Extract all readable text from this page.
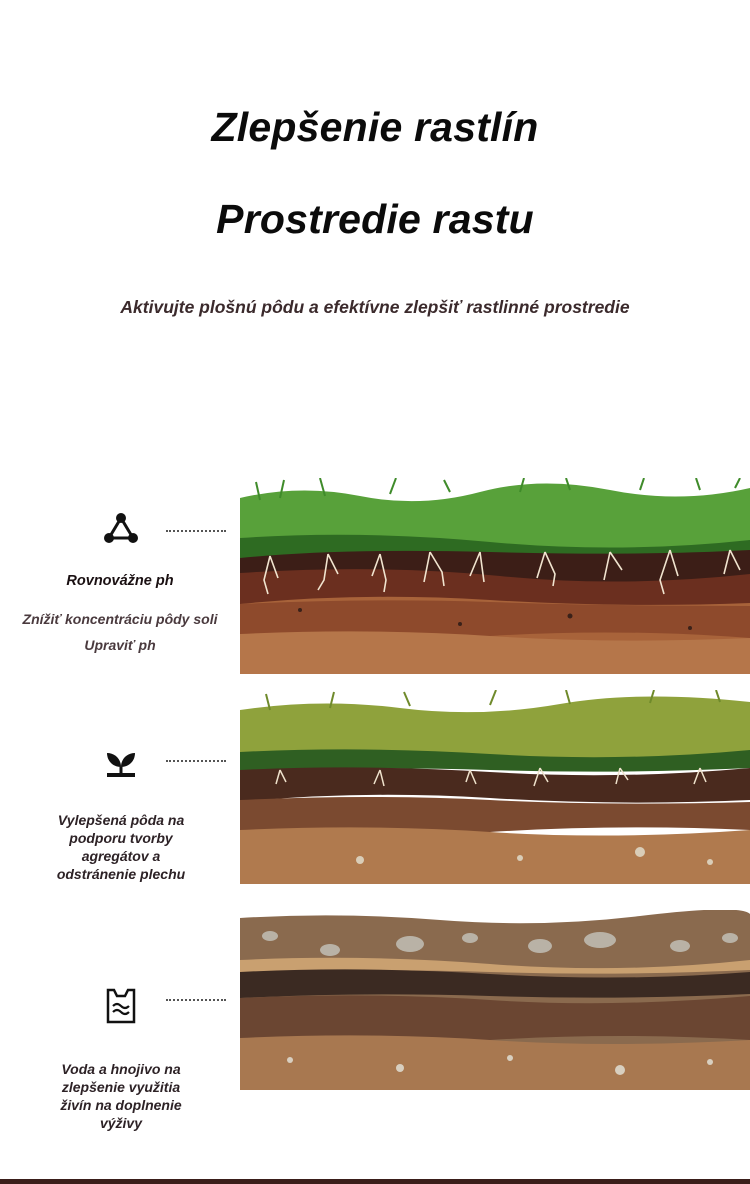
Zlepšenie rastlín
Prostredie rastu
Aktivujte plošnú pôdu a efektívne zlepšiť rastlinné prostredie
Rovnovážne ph
Znížiť koncentráciu pôdy soli
Upraviť ph
Vylepšená pôda na podporu tvorby agregátov a odstránenie plechu
Voda a hnojivo na zlepšenie využitia živín na doplnenie výživy
